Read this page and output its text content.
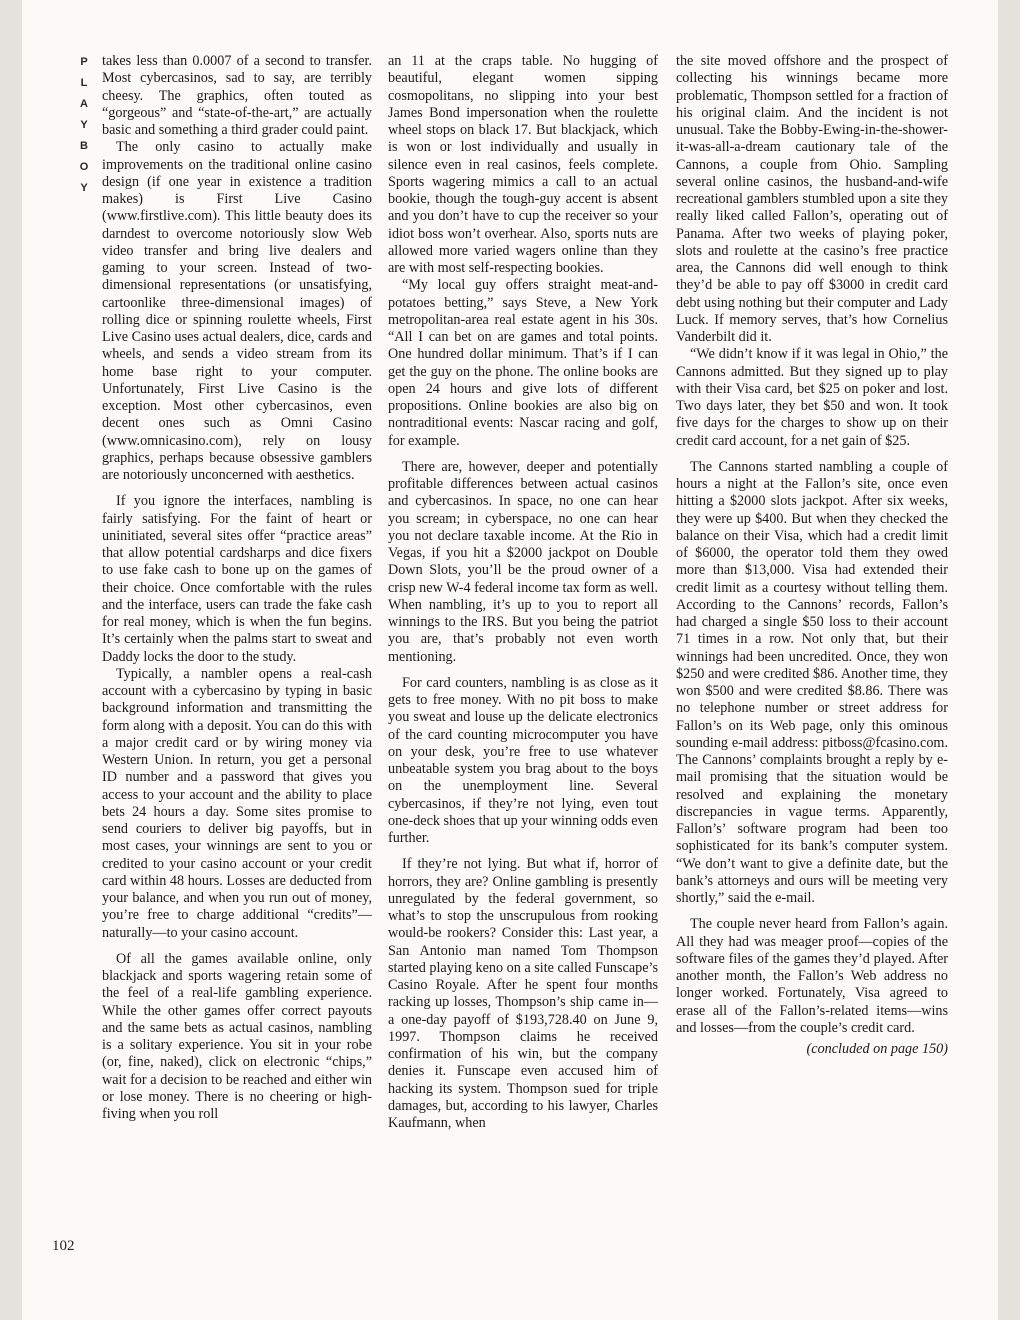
P
L
A
Y
B
O
Y

takes less than 0.0007 of a second to transfer. Most cybercasinos, sad to say, are terribly cheesy. The graphics, often touted as “gorgeous” and “state-of-the-art,” are actually basic and something a third grader could paint.

The only casino to actually make improvements on the traditional online casino design (if one year in existence a tradition makes) is First Live Casino (www.firstlive.com). This little beauty does its darndest to overcome notoriously slow Web video transfer and bring live dealers and gaming to your screen. Instead of two-dimensional representations (or unsatisfying, cartoonlike three-dimensional images) of rolling dice or spinning roulette wheels, First Live Casino uses actual dealers, dice, cards and wheels, and sends a video stream from its home base right to your computer. Unfortunately, First Live Casino is the exception. Most other cybercasinos, even decent ones such as Omni Casino (www.omnicasino.com), rely on lousy graphics, perhaps because obsessive gamblers are notoriously unconcerned with aesthetics.

If you ignore the interfaces, nambling is fairly satisfying. For the faint of heart or uninitiated, several sites offer “practice areas” that allow potential cardsharps and dice fixers to use fake cash to bone up on the games of their choice. Once comfortable with the rules and the interface, users can trade the fake cash for real money, which is when the fun begins. It’s certainly when the palms start to sweat and Daddy locks the door to the study.

Typically, a nambler opens a real-cash account with a cybercasino by typing in basic background information and transmitting the form along with a deposit. You can do this with a major credit card or by wiring money via Western Union. In return, you get a personal ID number and a password that gives you access to your account and the ability to place bets 24 hours a day. Some sites promise to send couriers to deliver big payoffs, but in most cases, your winnings are sent to you or credited to your casino account or your credit card within 48 hours. Losses are deducted from your balance, and when you run out of money, you’re free to charge additional “credits”—naturally—to your casino account.

Of all the games available online, only blackjack and sports wagering retain some of the feel of a real-life gambling experience. While the other games offer correct payouts and the same bets as actual casinos, nambling is a solitary experience. You sit in your robe (or, fine, naked), click on electronic “chips,” wait for a decision to be reached and either win or lose money. There is no cheering or high-fiving when you roll

an 11 at the craps table. No hugging of beautiful, elegant women sipping cosmopolitans, no slipping into your best James Bond impersonation when the roulette wheel stops on black 17. But blackjack, which is won or lost individually and usually in silence even in real casinos, feels complete. Sports wagering mimics a call to an actual bookie, though the tough-guy accent is absent and you don’t have to cup the receiver so your idiot boss won’t overhear. Also, sports nuts are allowed more varied wagers online than they are with most self-respecting bookies.

“My local guy offers straight meat-and-potatoes betting,” says Steve, a New York metropolitan-area real estate agent in his 30s. “All I can bet on are games and total points. One hundred dollar minimum. That’s if I can get the guy on the phone. The online books are open 24 hours and give lots of different propositions. Online bookies are also big on nontraditional events: Nascar racing and golf, for example.

There are, however, deeper and potentially profitable differences between actual casinos and cybercasinos. In space, no one can hear you scream; in cyberspace, no one can hear you not declare taxable income. At the Rio in Vegas, if you hit a $2000 jackpot on Double Down Slots, you’ll be the proud owner of a crisp new W-4 federal income tax form as well. When nambling, it’s up to you to report all winnings to the IRS. But you being the patriot you are, that’s probably not even worth mentioning.

For card counters, nambling is as close as it gets to free money. With no pit boss to make you sweat and louse up the delicate electronics of the card counting microcomputer you have on your desk, you’re free to use whatever unbeatable system you brag about to the boys on the unemployment line. Several cybercasinos, if they’re not lying, even tout one-deck shoes that up your winning odds even further.

If they’re not lying. But what if, horror of horrors, they are? Online gambling is presently unregulated by the federal government, so what’s to stop the unscrupulous from rooking would-be rookers? Consider this: Last year, a San Antonio man named Tom Thompson started playing keno on a site called Funscape’s Casino Royale. After he spent four months racking up losses, Thompson’s ship came in—a one-day payoff of $193,728.40 on June 9, 1997. Thompson claims he received confirmation of his win, but the company denies it. Funscape even accused him of hacking its system. Thompson sued for triple damages, but, according to his lawyer, Charles Kaufmann, when

the site moved offshore and the prospect of collecting his winnings became more problematic, Thompson settled for a fraction of his original claim. And the incident is not unusual. Take the Bobby-Ewing-in-the-shower-it-was-all-a-dream cautionary tale of the Cannons, a couple from Ohio. Sampling several online casinos, the husband-and-wife recreational gamblers stumbled upon a site they really liked called Fallon’s, operating out of Panama. After two weeks of playing poker, slots and roulette at the casino’s free practice area, the Cannons did well enough to think they’d be able to pay off $3000 in credit card debt using nothing but their computer and Lady Luck. If memory serves, that’s how Cornelius Vanderbilt did it.

“We didn’t know if it was legal in Ohio,” the Cannons admitted. But they signed up to play with their Visa card, bet $25 on poker and lost. Two days later, they bet $50 and won. It took five days for the charges to show up on their credit card account, for a net gain of $25.

The Cannons started nambling a couple of hours a night at the Fallon’s site, once even hitting a $2000 slots jackpot. After six weeks, they were up $400. But when they checked the balance on their Visa, which had a credit limit of $6000, the operator told them they owed more than $13,000. Visa had extended their credit limit as a courtesy without telling them. According to the Cannons’ records, Fallon’s had charged a single $50 loss to their account 71 times in a row. Not only that, but their winnings had been uncredited. Once, they won $250 and were credited $86. Another time, they won $500 and were credited $8.86. There was no telephone number or street address for Fallon’s on its Web page, only this ominous sounding e-mail address: pitboss@fcasino.com. The Cannons’ complaints brought a reply by e-mail promising that the situation would be resolved and explaining the monetary discrepancies in vague terms. Apparently, Fallon’s’ software program had been too sophisticated for its bank’s computer system. “We don’t want to give a definite date, but the bank’s attorneys and ours will be meeting very shortly,” said the e-mail.

The couple never heard from Fallon’s again. All they had was meager proof—copies of the software files of the games they’d played. After another month, the Fallon’s Web address no longer worked. Fortunately, Visa agreed to erase all of the Fallon’s-related items—wins and losses—from the couple’s credit card.

(concluded on page 150)
102
